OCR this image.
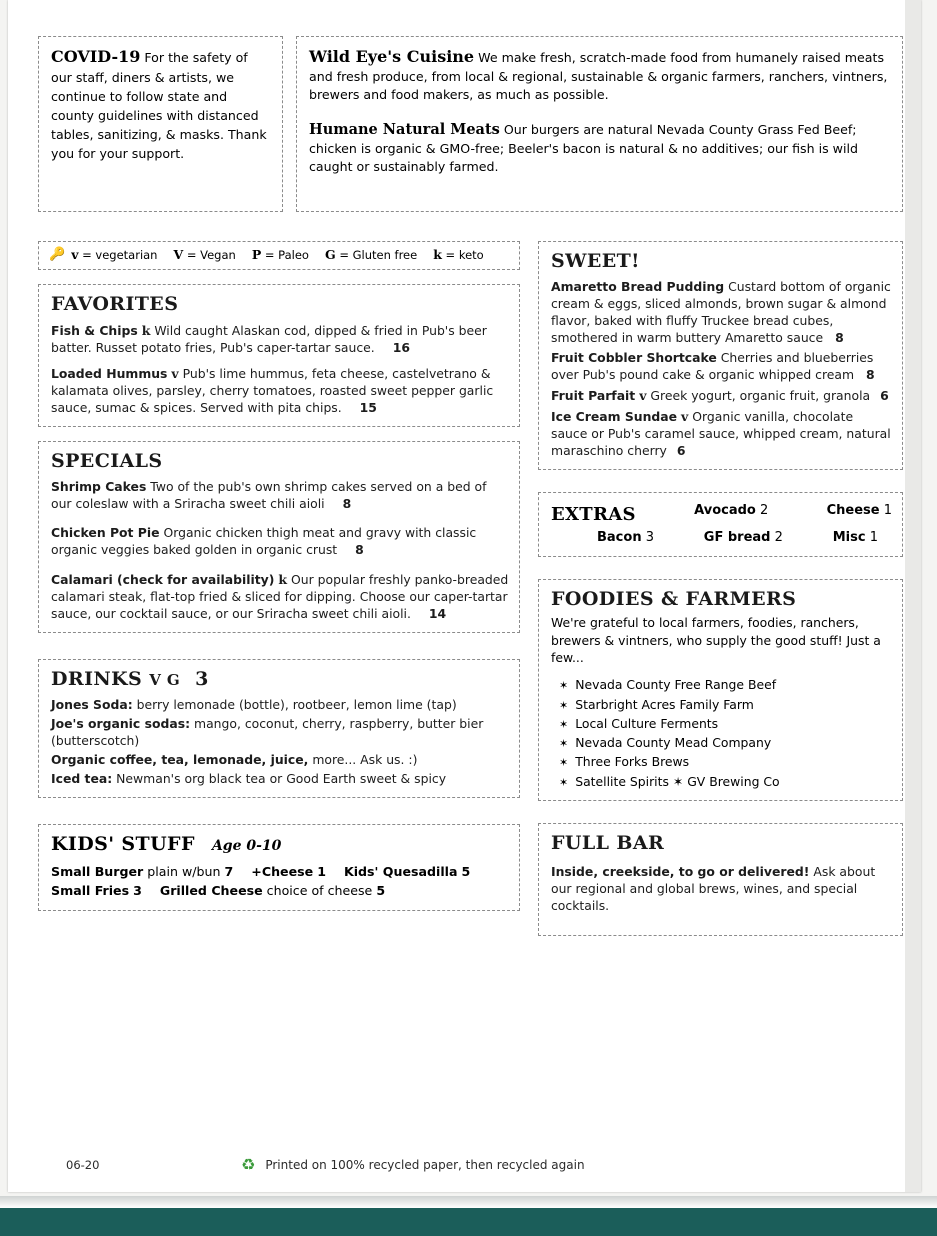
COVID-19 For the safety of our staff, diners & artists, we continue to follow state and county guidelines with distanced tables, sanitizing, & masks. Thank you for your support.

Wild Eye's Cuisine We make fresh, scratch-made food from humanely raised meats and fresh produce, from local & regional, sustainable & organic farmers, ranchers, vintners, brewers and food makers, as much as possible.

Humane Natural Meats Our burgers are natural Nevada County Grass Fed Beef; chicken is organic & GMO-free; Beeler's bacon is natural & no additives; our fish is wild caught or sustainably farmed.

🔑 v = vegetarian V = Vegan P = Paleo G = Gluten free k = keto
FAVORITES
Fish & Chips k Wild caught Alaskan cod, dipped & fried in Pub's beer batter. Russet potato fries, Pub's caper-tartar sauce. 16
Loaded Hummus v Pub's lime hummus, feta cheese, castelvetrano & kalamata olives, parsley, cherry tomatoes, roasted sweet pepper garlic sauce, sumac & spices. Served with pita chips. 15
SPECIALS
Shrimp Cakes Two of the pub's own shrimp cakes served on a bed of our coleslaw with a Sriracha sweet chili aioli 8
Chicken Pot Pie Organic chicken thigh meat and gravy with classic organic veggies baked golden in organic crust 8
Calamari (check for availability) k Our popular freshly panko-breaded calamari steak, flat-top fried & sliced for dipping. Choose our caper-tartar sauce, our cocktail sauce, or our Sriracha sweet chili aioli. 14
DRINKS V G 3
Jones Soda: berry lemonade (bottle), rootbeer, lemon lime (tap)
Joe's organic sodas: mango, coconut, cherry, raspberry, butter bier (butterscotch)
Organic coffee, tea, lemonade, juice, more... Ask us. :)
Iced tea: Newman's org black tea or Good Earth sweet & spicy
KIDS' STUFF Age 0-10
Small Burger plain w/bun 7 +Cheese 1 Kids' Quesadilla 5
Small Fries 3 Grilled Cheese choice of cheese 5
SWEET!
Amaretto Bread Pudding Custard bottom of organic cream & eggs, sliced almonds, brown sugar & almond flavor, baked with fluffy Truckee bread cubes, smothered in warm buttery Amaretto sauce 8
Fruit Cobbler Shortcake Cherries and blueberries over Pub's pound cake & organic whipped cream 8
Fruit Parfait v Greek yogurt, organic fruit, granola 6
Ice Cream Sundae v Organic vanilla, chocolate sauce or Pub's caramel sauce, whipped cream, natural maraschino cherry 6
EXTRAS	Avocado 2	Cheese 1
Bacon 3	GF bread 2	Misc 1
FOODIES & FARMERS

We're grateful to local farmers, foodies, ranchers, brewers & vintners, who supply the good stuff! Just a few...

✶ Nevada County Free Range Beef
✶ Starbright Acres Family Farm
✶ Local Culture Ferments
✶ Nevada County Mead Company
✶ Three Forks Brews
✶ Satellite Spirits ✶ GV Brewing Co
FULL BAR
Inside, creekside, to go or delivered! Ask about our regional and global brews, wines, and special cocktails.
06-20	♻ Printed on 100% recycled paper, then recycled again
